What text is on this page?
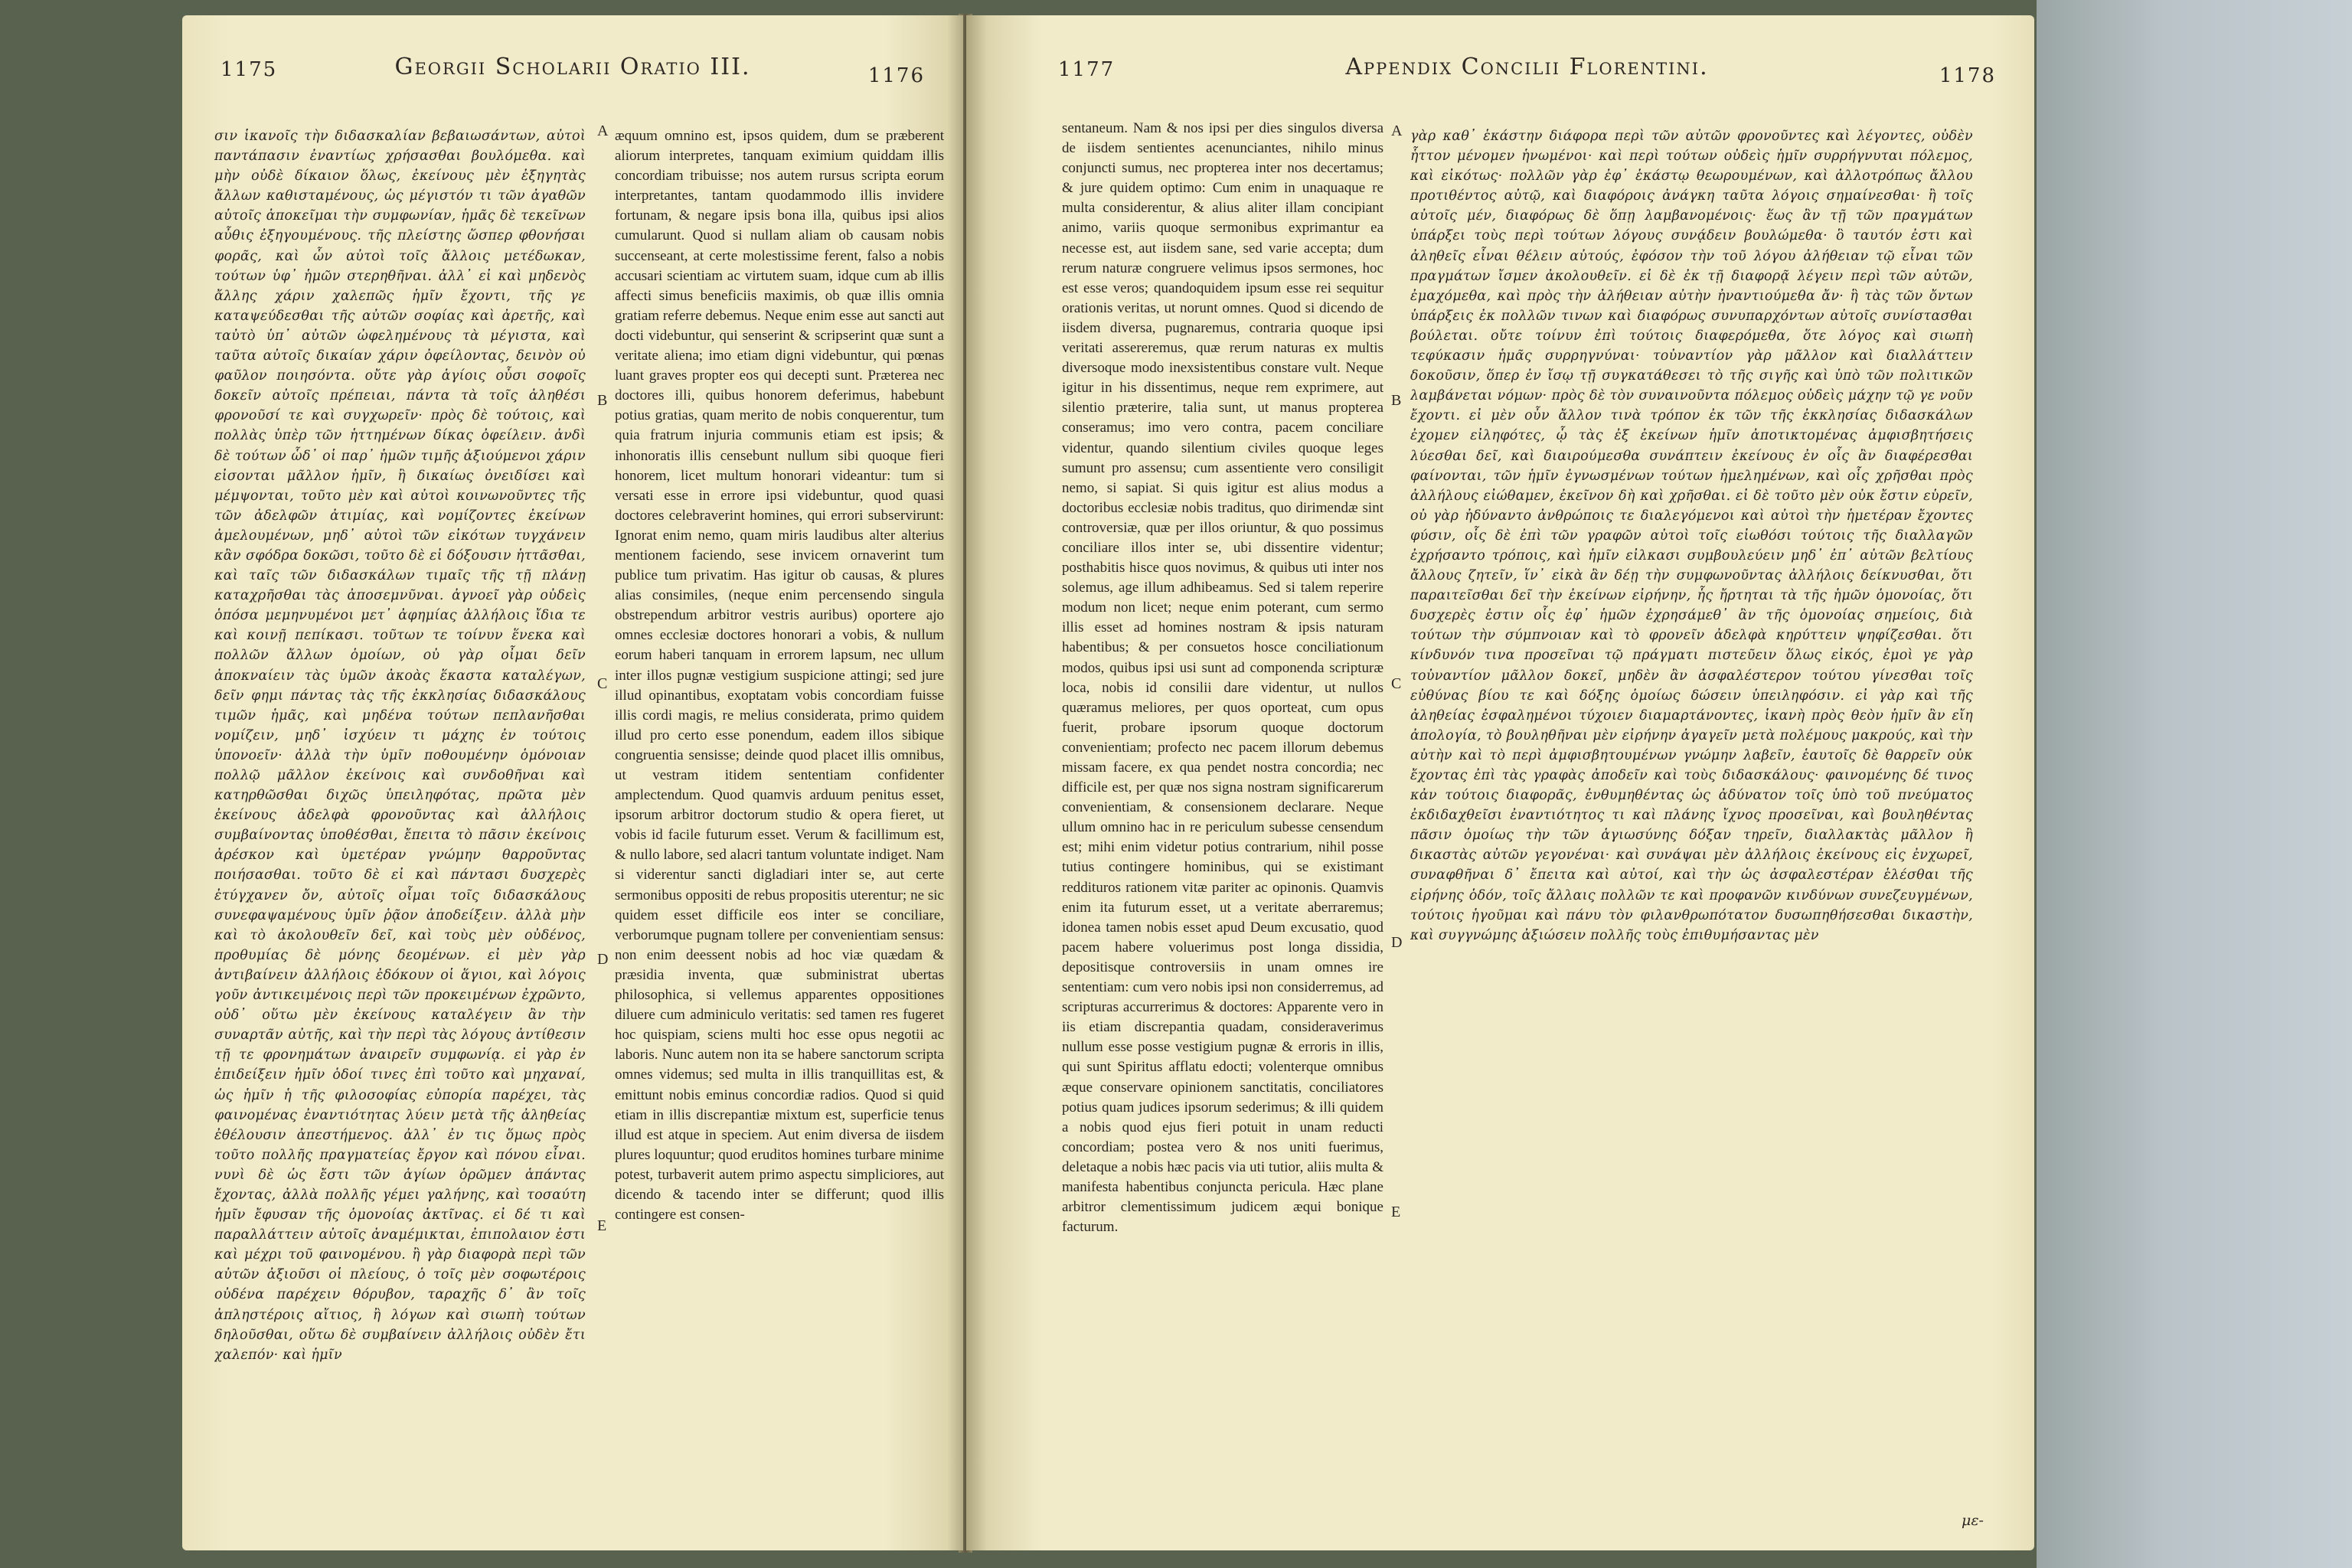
1175	Georgii Scholarii Oratio III.	1176
σιν ἱκανοῖς τὴν διδασκαλίαν βεβαιωσάντων, αὐτοὶ παντάπασιν ἐναντίως χρήσασθαι βουλόμεθα. καὶ μὴν οὐδὲ δίκαιον ὅλως, ἐκείνους μὲν ἐξηγητὰς ἄλλων καθισταμένους, ὡς μέγιστόν τι τῶν ἀγαθῶν αὐτοῖς ἀποκεῖμαι τὴν συμφωνίαν, ἡμᾶς δὲ τεκεῖνων αὖθις ἐξηγουμένους. τῆς πλείστης ὥσπερ φθονήσαι φορᾶς, καὶ ὧν αὐτοὶ τοῖς ἄλλοις μετέδωκαν, τούτων ὑφ᾽ ἡμῶν στερηθῆναι. ἀλλ᾽ εἰ καὶ μηδενὸς ἄλλης χάριν χαλεπῶς ἡμῖν ἔχοντι, τῆς γε καταψεύδεσθαι τῆς αὐτῶν σοφίας καὶ ἀρετῆς, καὶ ταὐτὸ ὑπ᾽ αὐτῶν ὠφελημένους τὰ μέγιστα, καὶ ταῦτα αὐτοῖς δικαίαν χάριν ὀφείλοντας, δεινὸν οὐ φαῦλον ποιησόντα. οὔτε γὰρ ἁγίοις οὖσι σοφοῖς δοκεῖν αὐτοῖς πρέπειαι, πάντα τὰ τοῖς ἀληθέσι φρονοῦσί τε καὶ συγχωρεῖν· πρὸς δὲ τούτοις, καὶ πολλὰς ὑπὲρ τῶν ἡττημένων δίκας ὀφείλειν. ἀνδὶ δὲ τούτων ὧδ᾽ οἱ παρ᾽ ἡμῶν τιμῆς ἀξιούμενοι χάριν εἰσονται μᾶλλον ἡμῖν, ἢ δικαίως ὀνειδίσει καὶ μέμψονται, τοῦτο μὲν καὶ αὐτοὶ κοινωνοῦντες τῆς τῶν ἀδελφῶν ἀτιμίας, καὶ νομίζοντες ἐκείνων ἀμελουμένων, μηδ᾽ αὐτοὶ τῶν εἰκότων τυγχάνειν κἂν σφόδρα δοκῶσι, τοῦτο δὲ εἰ δόξουσιν ἡττᾶσθαι, καὶ ταῖς τῶν διδασκάλων τιμαῖς τῆς τῇ πλάνῃ καταχρῆσθαι τὰς ἀποσεμνῦναι. ἀγνοεῖ γὰρ οὐδεὶς ὁπόσα μεμηνυμένοι μετ᾽ ἀφημίας ἀλλήλοις ἴδια τε καὶ κοινῇ πεπίκασι. τοῦτων τε τοίνυν ἕνεκα καὶ πολλῶν ἄλλων ὁμοίων, οὐ γὰρ οἶμαι δεῖν ἀποκναίειν τὰς ὑμῶν ἀκοὰς ἕκαστα καταλέγων, δεῖν φημι πάντας τὰς τῆς ἐκκλησίας διδασκάλους τιμῶν ἡμᾶς, καὶ μηδένα τούτων πεπλανῆσθαι νομίζειν, μηδ᾽ ἰσχύειν τι μάχης ἐν τούτοις ὑπονοεῖν· ἀλλὰ τὴν ὑμῖν ποθουμένην ὁμόνοιαν πολλῷ μᾶλλον ἐκείνοις καὶ συνδοθῆναι καὶ κατηρθῶσθαι διχῶς ὑπειληφότας, πρῶτα μὲν ἐκείνους ἀδελφὰ φρονοῦντας καὶ ἀλλήλοις συμβαίνοντας ὑποθέσθαι, ἔπειτα τὸ πᾶσιν ἐκείνοις ἀρέσκον καὶ ὑμετέραν γνώμην θαρροῦντας ποιήσασθαι. τοῦτο δὲ εἰ καὶ πάντασι δυσχερὲς ἐτύγχανεν ὄν, αὐτοῖς οἶμαι τοῖς διδασκάλους συνεφαψαμένους ὑμῖν ῥᾷον ἀποδείξειν. ἀλλὰ μὴν καὶ τὸ ἀκολουθεῖν δεῖ, καὶ τοὺς μὲν οὐδένος, προθυμίας δὲ μόνης δεομένων. εἰ μὲν γὰρ ἀντιβαίνειν ἀλλήλοις ἐδόκουν οἱ ἅγιοι, καὶ λόγοις γοῦν ἀντικειμένοις περὶ τῶν προκειμένων ἐχρῶντο, οὐδ᾽ οὕτω μὲν ἐκείνους καταλέγειν ἂν τὴν συναρτᾶν αὐτῆς, καὶ τὴν περὶ τὰς λόγους ἀντίθεσιν τῇ τε φρονημάτων ἀναιρεῖν συμφωνίᾳ. εἰ γὰρ ἐν ἐπιδείξειν ἡμῖν ὁδοί τινες ἐπὶ τοῦτο καὶ μηχαναί, ὡς ἡμῖν ἡ τῆς φιλοσοφίας εὐπορία παρέχει, τὰς φαινομένας ἐναντιότητας λύειν μετὰ τῆς ἀληθείας ἐθέλουσιν ἀπεστήμενος. ἀλλ᾽ ἐν τις ὅμως πρὸς τοῦτο πολλῆς πραγματείας ἔργον καὶ πόνου εἶναι. νυνὶ δὲ ὡς ἔστι τῶν ἁγίων ὁρῶμεν ἁπάντας ἔχοντας, ἀλλὰ πολλῆς γέμει γαλήνης, καὶ τοσαύτη ἡμῖν ἔφυσαν τῆς ὁμονοίας ἀκτῖνας. εἰ δέ τι καὶ παραλλάττειν αὐτοῖς ἀναμέμικται, ἐπιπολαιον ἐστι καὶ μέχρι τοῦ φαινομένου. ἢ γὰρ διαφορὰ περὶ τῶν αὐτῶν ἀξιοῦσι οἱ πλείους, ὁ τοῖς μὲν σοφωτέροις οὐδένα παρέχειν θόρυβον, ταραχῆς δ᾽ ἂν τοῖς ἀπληστέροις αἴτιος, ἢ λόγων καὶ σιωπὴ τούτων δηλοῦσθαι, οὕτω δὲ συμβαίνειν ἀλλήλοις οὐδὲν ἔτι χαλεπόν· καὶ ἡμῖν
A
B
C
D
E
æquum omnino est, ipsos quidem, dum se præberent aliorum interpretes, tanquam eximium quiddam illis concordiam tribuisse; nos autem rursus scripta eorum interpretantes, tantam quodammodo illis invidere fortunam, & negare ipsis bona illa, quibus ipsi alios cumularunt. Quod si nullam aliam ob causam nobis succenseant, at certe molestissime ferent, falso a nobis accusari scientiam ac virtutem suam, idque cum ab illis affecti simus beneficiis maximis, ob quæ illis omnia gratiam referre debemus. Neque enim esse aut sancti aut docti videbuntur, qui senserint & scripserint quæ sunt a veritate aliena; imo etiam digni videbuntur, qui pœnas luant graves propter eos qui decepti sunt. Præterea nec doctores illi, quibus honorem deferimus, habebunt potius gratias, quam merito de nobis conquerentur, tum quia fratrum injuria communis etiam est ipsis; & inhonoratis illis censebunt nullum sibi quoque fieri honorem, licet multum honorari videantur: tum si versati esse in errore ipsi videbuntur, quod quasi doctores celebraverint homines, qui errori subservirunt: Ignorat enim nemo, quam miris laudibus alter alterius mentionem faciendo, sese invicem ornaverint tum publice tum privatim. Has igitur ob causas, & plures alias consimiles, (neque enim percensendo singula obstrependum arbitror vestris auribus) oportere ajo omnes ecclesiæ doctores honorari a vobis, & nullum eorum haberi tanquam in errorem lapsum, nec ullum inter illos pugnæ vestigium suspicione attingi; sed jure illud opinantibus, exoptatam vobis concordiam fuisse illis cordi magis, re melius considerata, primo quidem illud pro certo esse ponendum, eadem illos sibique congruentia sensisse; deinde quod placet illis omnibus, ut vestram itidem sententiam confidenter amplectendum. Quod quamvis arduum penitus esset, ipsorum arbitror doctorum studio & opera fieret, ut vobis id facile futurum esset. Verum & facillimum est, & nullo labore, sed alacri tantum voluntate indiget. Nam si viderentur sancti digladiari inter se, aut certe sermonibus oppositi de rebus propositis uterentur; ne sic quidem esset difficile eos inter se conciliare, verborumque pugnam tollere per convenientiam sensus: non enim deessent nobis ad hoc viæ quædam & præsidia inventa, quæ subministrat ubertas philosophica, si vellemus apparentes oppositiones diluere cum adminiculo veritatis: sed tamen res fugeret hoc quispiam, sciens multi hoc esse opus negotii ac laboris. Nunc autem non ita se habere sanctorum scripta omnes videmus; sed multa in illis tranquillitas est, & emittunt nobis eminus concordiæ radios. Quod si quid etiam in illis discrepantiæ mixtum est, superficie tenus illud est atque in speciem. Aut enim diversa de iisdem plures loquuntur; quod eruditos homines turbare minime potest, turbaverit autem primo aspectu simpliciores, aut dicendo & tacendo inter se differunt; quod illis contingere est consen-
1177	Appendix Concilii Florentini.	1178
sentaneum. Nam & nos ipsi per dies singulos diversa de iisdem sentientes acenunciantes, nihilo minus conjuncti sumus, nec propterea inter nos decertamus; & jure quidem optimo: Cum enim in unaquaque re multa considerentur, & alius aliter illam concipiant animo, variis quoque sermonibus exprimantur ea necesse est, aut iisdem sane, sed varie accepta; dum rerum naturæ congruere velimus ipsos sermones, hoc est esse veros; quandoquidem ipsum esse rei sequitur orationis veritas, ut norunt omnes. Quod si dicendo de iisdem diversa, pugnaremus, contraria quoque ipsi veritati assereremus, quæ rerum naturas ex multis diversoque modo inexsistentibus constare vult. Neque igitur in his dissentimus, neque rem exprimere, aut silentio præterire, talia sunt, ut manus propterea conseramus; imo vero contra, pacem conciliare videntur, quando silentium civiles quoque leges sumunt pro assensu; cum assentiente vero consiligit nemo, si sapiat. Si quis igitur est alius modus a doctoribus ecclesiæ nobis traditus, quo dirimendæ sint controversiæ, quæ per illos oriuntur, & quo possimus conciliare illos inter se, ubi dissentire videntur; posthabitis hisce quos novimus, & quibus uti inter nos solemus, age illum adhibeamus. Sed si talem reperire modum non licet; neque enim poterant, cum sermo illis esset ad homines nostram & ipsis naturam habentibus; & per consuetos hosce conciliationum modos, quibus ipsi usi sunt ad componenda scripturæ loca, nobis id consilii dare videntur, ut nullos quæramus meliores, per quos oporteat, cum opus fuerit, probare ipsorum quoque doctorum convenientiam; profecto nec pacem illorum debemus missam facere, ex qua pendet nostra concordia; nec difficile est, per quæ nos signa nostram significarerum convenientiam, & consensionem declarare. Neque ullum omnino hac in re periculum subesse censendum est; mihi enim videtur potius contrarium, nihil posse tutius contingere hominibus, qui se existimant reddituros rationem vitæ pariter ac opinonis. Quamvis enim ita futurum esset, ut a veritate aberraremus; idonea tamen nobis esset apud Deum excusatio, quod pacem habere voluerimus post longa dissidia, depositisque controversiis in unam omnes ire sententiam: cum vero nobis ipsi non considerremus, ad scripturas accurrerimus & doctores: Apparente vero in iis etiam discrepantia quadam, consideraverimus nullum esse posse vestigium pugnæ & erroris in illis, qui sunt Spiritus afflatu edocti; volenterque omnibus æque conservare opinionem sanctitatis, conciliatores potius quam judices ipsorum sederimus; & illi quidem a nobis quod ejus fieri potuit in unam reducti concordiam; postea vero & nos uniti fuerimus, deletaque a nobis hæc pacis via uti tutior, aliis multa & manifesta habentibus conjuncta pericula. Hæc plane arbitror clementissimum judicem æqui bonique facturum.
A
B
C
D
E
γὰρ καθ᾽ ἑκάστην διάφορα περὶ τῶν αὐτῶν φρονοῦντες καὶ λέγοντες, οὐδὲν ἧττον μένομεν ἡνωμένοι· καὶ περὶ τούτων οὐδεὶς ἡμῖν συρρήγνυται πόλεμος, καὶ εἰκότως· πολλῶν γὰρ ἐφ᾽ ἑκάστῳ θεωρουμένων, καὶ ἀλλοτρόπως ἄλλου προτιθέντος αὐτῷ, καὶ διαφόροις ἀνάγκη ταῦτα λόγοις σημαίνεσθαι· ἢ τοῖς αὐτοῖς μέν, διαφόρως δὲ ὅπῃ λαμβανομένοις· ἕως ἂν τῇ τῶν πραγμάτων ὑπάρξει τοὺς περὶ τούτων λόγους συνᾴδειν βουλώμεθα· ὃ ταυτόν ἐστι καὶ ἀληθεῖς εἶναι θέλειν αὐτούς, ἐφόσον τὴν τοῦ λόγου ἀλήθειαν τῷ εἶναι τῶν πραγμάτων ἴσμεν ἀκολουθεῖν. εἰ δὲ ἐκ τῇ διαφορᾷ λέγειν περὶ τῶν αὐτῶν, ἐμαχόμεθα, καὶ πρὸς τὴν ἀλήθειαν αὐτὴν ἠναντιούμεθα ἄν· ἣ τὰς τῶν ὄντων ὑπάρξεις ἐκ πολλῶν τινων καὶ διαφόρως συνυπαρχόντων αὐτοῖς συνίστασθαι βούλεται. οὔτε τοίνυν ἐπὶ τούτοις διαφερόμεθα, ὅτε λόγος καὶ σιωπὴ τεφύκασιν ἡμᾶς συρρηγνύναι· τοὐναντίον γὰρ μᾶλλον καὶ διαλλάττειν δοκοῦσιν, ὅπερ ἐν ἴσῳ τῇ συγκατάθεσει τὸ τῆς σιγῆς καὶ ὑπὸ τῶν πολιτικῶν λαμβάνεται νόμων· πρὸς δὲ τὸν συναινοῦντα πόλεμος οὐδεὶς μάχην τῷ γε νοῦν ἔχοντι. εἰ μὲν οὖν ἄλλον τινὰ τρόπον ἐκ τῶν τῆς ἐκκλησίας διδασκάλων ἐχομεν εἰληφότες, ᾧ τὰς ἐξ ἐκείνων ἡμῖν ἀποτικτομένας ἀμφισβητήσεις λύεσθαι δεῖ, καὶ διαιρούμεσθα συνάπτειν ἐκείνους ἐν οἷς ἂν διαφέρεσθαι φαίνονται, τῶν ἡμῖν ἐγνωσμένων τούτων ἠμελημένων, καὶ οἷς χρῆσθαι πρὸς ἀλλήλους εἰώθαμεν, ἐκεῖνον δὴ καὶ χρῆσθαι. εἰ δὲ τοῦτο μὲν οὐκ ἔστιν εὑρεῖν, οὐ γὰρ ἠδύναντο ἀνθρώποις τε διαλεγόμενοι καὶ αὐτοὶ τὴν ἡμετέραν ἔχοντες φύσιν, οἷς δὲ ἐπὶ τῶν γραφῶν αὐτοὶ τοῖς εἰωθόσι τούτοις τῆς διαλλαγῶν ἐχρήσαντο τρόποις, καὶ ἡμῖν εἰλκασι συμβουλεύειν μηδ᾽ ἐπ᾽ αὐτῶν βελτίους ἄλλους ζητεῖν, ἵν᾽ εἰκὰ ἂν δέῃ τὴν συμφωνοῦντας ἀλλήλοις δείκνυσθαι, ὅτι παραιτεῖσθαι δεῖ τὴν ἐκείνων εἰρήνην, ἧς ἤρτηται τὰ τῆς ἡμῶν ὁμονοίας, ὅτι δυσχερὲς ἐστιν οἷς ἐφ᾽ ἡμῶν ἐχρησάμεθ᾽ ἂν τῆς ὁμονοίας σημείοις, διὰ τούτων τὴν σύμπνοιαν καὶ τὸ φρονεῖν ἀδελφὰ κηρύττειν ψηφίζεσθαι. ὅτι κίνδυνόν τινα προσεῖναι τῷ πράγματι πιστεῦειν ὅλως εἰκός, ἐμοὶ γε γὰρ τοὐναντίον μᾶλλον δοκεῖ, μηδὲν ἂν ἀσφαλέστερον τούτου γίνεσθαι τοῖς εὐθύνας βίου τε καὶ δόξης ὁμοίως δώσειν ὑπειληφόσιν. εἰ γὰρ καὶ τῆς ἀληθείας ἐσφαλημένοι τύχοιεν διαμαρτάνοντες, ἱκανὴ πρὸς θεὸν ἡμῖν ἂν εἴη ἀπολογία, τὸ βουληθῆναι μὲν εἰρήνην ἀγαγεῖν μετὰ πολέμους μακρούς, καὶ τὴν αὐτὴν καὶ τὸ περὶ ἀμφισβητουμένων γνώμην λαβεῖν, ἑαυτοῖς δὲ θαρρεῖν οὐκ ἔχοντας ἐπὶ τὰς γραφὰς ἀποδεῖν καὶ τοὺς διδασκάλους· φαινομένης δέ τινος κἀν τούτοις διαφορᾶς, ἐνθυμηθέντας ὡς ἀδύνατον τοῖς ὑπὸ τοῦ πνεύματος ἐκδιδαχθεῖσι ἐναντιότητος τι καὶ πλάνης ἴχνος προσεῖναι, καὶ βουληθέντας πᾶσιν ὁμοίως τὴν τῶν ἁγιωσύνης δόξαν τηρεῖν, διαλλακτὰς μᾶλλον ἢ δικαστὰς αὐτῶν γεγονέναι· καὶ συνάψαι μὲν ἀλλήλοις ἐκείνους εἰς ἐνχωρεῖ, συναφθῆναι δ᾽ ἔπειτα καὶ αὐτοί, καὶ τὴν ὡς ἀσφαλεστέραν ἑλέσθαι τῆς εἰρήνης ὁδόν, τοῖς ἄλλαις πολλῶν τε καὶ προφανῶν κινδύνων συνεζευγμένων, τούτοις ἡγοῦμαι καὶ πάνυ τὸν φιλανθρωπότατον δυσωπηθήσεσθαι δικαστὴν, καὶ συγγνώμης ἀξιώσειν πολλῆς τοὺς ἐπιθυμήσαντας μὲν
με-
